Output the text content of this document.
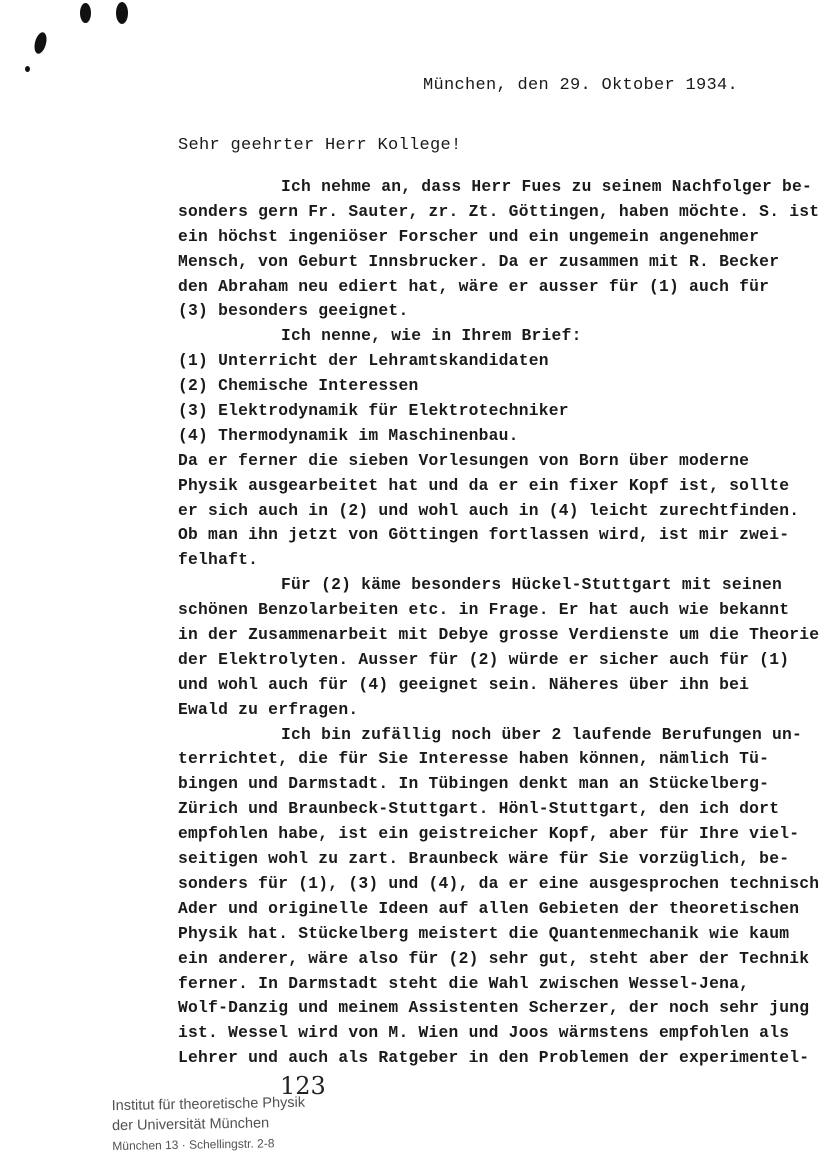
München, den 29. Oktober 1934.
Sehr geehrter Herr Kollege!
Ich nehme an, dass Herr Fues zu seinem Nachfolger be-
sonders gern Fr. Sauter, zr. Zt. Göttingen, haben möchte. S. ist
ein höchst ingeniöser Forscher und ein ungemein angenehmer
Mensch, von Geburt Innsbrucker. Da er zusammen mit R. Becker
den Abraham neu ediert hat, wäre er ausser für (1) auch für
(3) besonders geeignet.
Ich nenne, wie in Ihrem Brief:
(1) Unterricht der Lehramtskandidaten
(2) Chemische Interessen
(3) Elektrodynamik für Elektrotechniker
(4) Thermodynamik im Maschinenbau.
Da er ferner die sieben Vorlesungen von Born über moderne
Physik ausgearbeitet hat und da er ein fixer Kopf ist, sollte
er sich auch in (2) und wohl auch in (4) leicht zurechtfinden.
Ob man ihn jetzt von Göttingen fortlassen wird, ist mir zwei-
felhaft.
Für (2) käme besonders Hückel-Stuttgart mit seinen
schönen Benzolarbeiten etc. in Frage. Er hat auch wie bekannt
in der Zusammenarbeit mit Debye grosse Verdienste um die Theorie
der Elektrolyten. Ausser für (2) würde er sicher auch für (1)
und wohl auch für (4) geeignet sein. Näheres über ihn bei
Ewald zu erfragen.
Ich bin zufällig noch über 2 laufende Berufungen un-
terrichtet, die für Sie Interesse haben können, nämlich Tü-
bingen und Darmstadt. In Tübingen denkt man an Stückelberg-
Zürich und Braunbeck-Stuttgart. Hönl-Stuttgart, den ich dort
empfohlen habe, ist ein geistreicher Kopf, aber für Ihre viel-
seitigen wohl zu zart. Braunbeck wäre für Sie vorzüglich, be-
sonders für (1), (3) und (4), da er eine ausgesprochen technisch
Ader und originelle Ideen auf allen Gebieten der theoretischen
Physik hat. Stückelberg meistert die Quantenmechanik wie kaum
ein anderer, wäre also für (2) sehr gut, steht aber der Technik
ferner. In Darmstadt steht die Wahl zwischen Wessel-Jena,
Wolf-Danzig und meinem Assistenten Scherzer, der noch sehr jung
ist. Wessel wird von M. Wien und Joos wärmstens empfohlen als
Lehrer und auch als Ratgeber in den Problemen der experimentel-
123
Institut für theoretische Physik
der Universität München
München 13 · Schellingstr. 2-8
